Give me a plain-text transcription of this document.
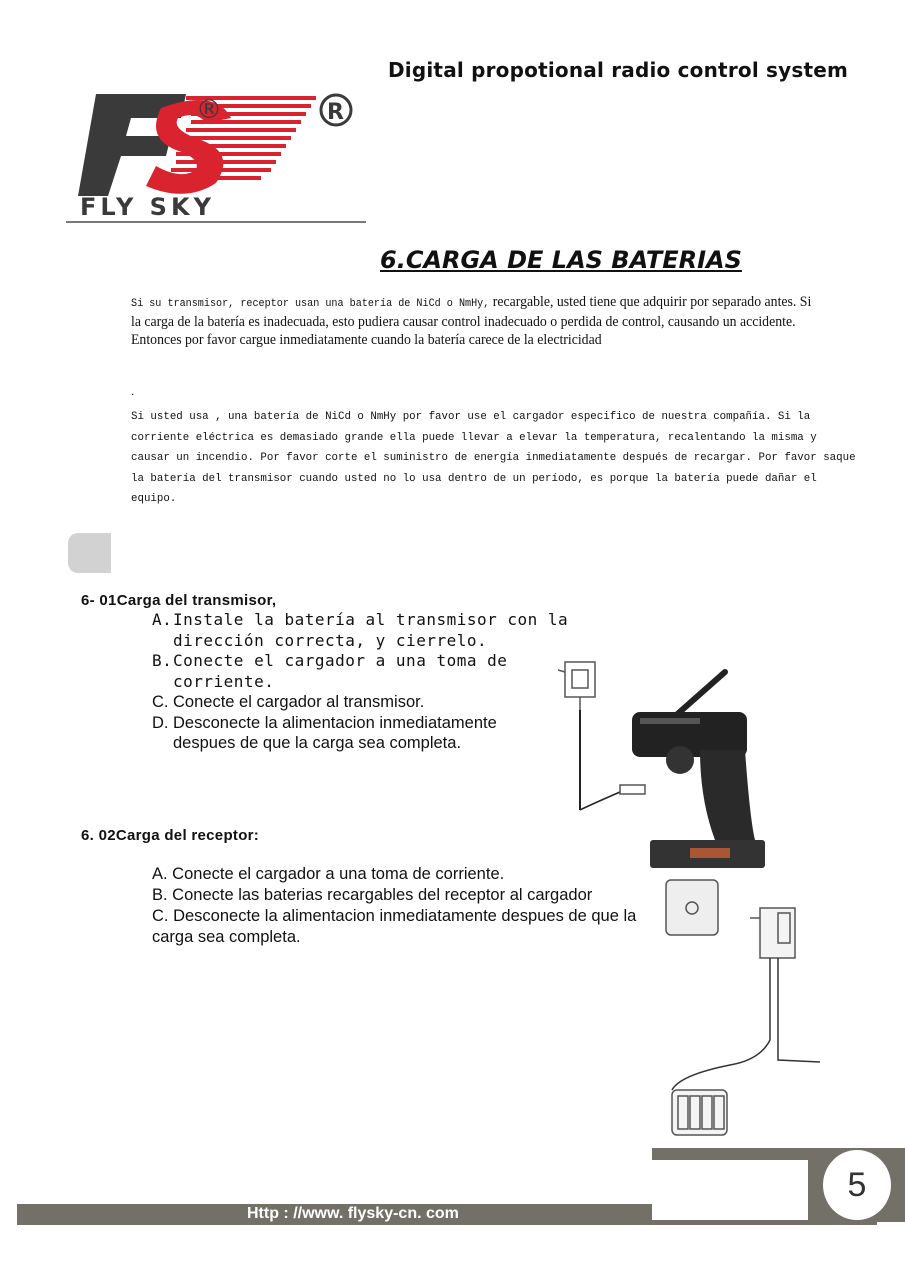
Digital propotional radio control system
®	R
FLY SKY
6.CARGA DE LAS BATERIAS
Si su transmisor, receptor usan una batería de NiCd o NmHy, recargable, usted tiene que adquirir por separado antes. Si la carga de la batería es inadecuada, esto pudiera causar control inadecuado o perdida de control, causando un accidente. Entonces por favor cargue inmediatamente cuando la batería carece de la electricidad
.
Si usted usa , una batería de NiCd o NmHy por favor use el cargador especifico de nuestra compañía. Si la corriente eléctrica es demasiado grande ella puede llevar a elevar la temperatura, recalentando la misma y causar un incendio. Por favor corte el suministro de energía inmediatamente después de recargar. Por favor saque la batería del transmisor cuando usted no lo usa dentro de un período, es porque la batería puede dañar el equipo.
6- 01Carga del transmisor,
A. Instale la batería al transmisor con la dirección correcta, y cierrelo.
B. Conecte el cargador a una toma de corriente.
C. Conecte el cargador al transmisor.
D. Desconecte la alimentacion inmediatamente despues de que la carga sea completa.
6. 02Carga del receptor:
A. Conecte el cargador a una toma de corriente.
B. Conecte las baterias recargables del receptor al cargador
C. Desconecte la alimentacion inmediatamente despues de que la carga sea completa.
Http : //www. flysky-cn. com
5
